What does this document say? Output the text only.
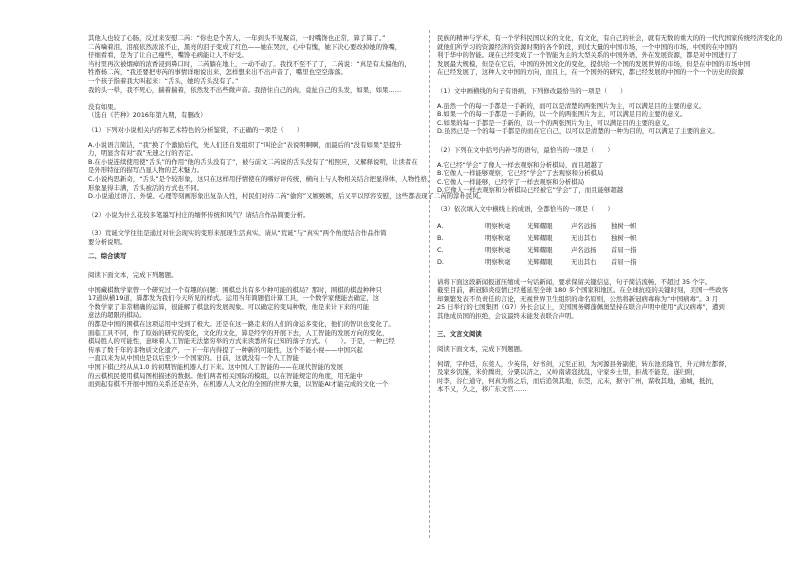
其他人也较了心肠，反过来安慰二芮：“你也是个苦人，一年到头不见聚首，一时嘴馋也正常，算了算了。”
二芮噙着泪，泪痕依然浓浓不止，黑亮的泪子变成了红色——她在哭泣，心中有愧，她下决心要改掉她的馋嘴，
仔细看看，是为了让自己瘦些，嘴馋毛病能让人不好受。
当村里再次被烟瘴的浓香浸到鼻口时，二芮躺在地上，一动不动了。我找不至不了了，二芮说：“真是有太偏他的，
牲畜杨二芮，“我还要把枣芮的事情详细说出来，怎样想来出不出声音了，嘴里也空空落落。
一个孩子指着我大叫起来：“舌头，她的舌头没有了。”
我的头一晕，我不死心，揣着揣着，依然发不出些微声音。我捂住自己的肉，竟扯自己的头发，如果，如果……

没有如果。
（选自《芒种》2016年第九期，有删改）
（1）下列对小说相关内容和艺术特色的分析鉴赏，不正确的一项是（　　）
A.小说语言简洁，“我”换了个激励后代，先人们还自发组织了“叫论会”表说明啊啊，而最后的“没有如果”是提升
力，明显含有对“我”无速之行的否定。
B.在小说连续使用使“舌头”的作用“他的舌头没有了”，被与前文二芮说的舌头没有了”相照应，又解释说明，让读者在
是外形特征的描写凸显人物的艺术魅力。
C.小说构思新奇，“舌头”是个较形象，这只在这样用抒情使在的嗜好评传统，横向上与人物相关结合把显得体，人物性格、
形象显得丰满，舌头被活的方式也不同。
D.小说通过语言、外貌、心理等刻画形象出复杂人性，村民们对待二芮“偷窍”又嫉嫉嫉，后又平以厚容安慰，这些都表现了二芮的淳朴民风。
（2）小说为什么花较多笔墨写村庄的缅怀传统和风气？请结合作品简要分析。
（3）荒诞文学往往是通过对社会现实的变形来展现生活真实。请从“荒诞”与“真实”两个角度结合作品作简
要分析说明。
二、综合读写
阅读下面文本，完成下列题题。
中国藏棋数学家曾一个研究过一个有趣的问题：围棋总共有多少种可能的棋局？那时，围棋的棋盘种种只
17道纵横19道，算都发为我们今天所见的样式。运用当年简题值计算工具，一个数学家便能去确定，这
个数学家了非常精确的运算，很能解了棋盘的发展现象。可以确定的变局种数，他是来计下来的可能
意法的超限的棋局。
的都是中国的围棋在这项运用中受到了极大。还是在这一路走来的人们的命运多变化，他们的智识也变化了。
面临工具不同，作了原始的研究的变化，文化的文化，算是经学的开展下去，人工智能的发展方向的变化，
棋局胜人的可能性，意味着人工智能无法靠穷举的方式来读悉所有已知的落子方式。（　　）。于是，一种已经
传承了数千年的非物质文化遗产，一下一年内得提了一种新的可能性，这个不能小视——中国兴起
一直以来为从中国也是以后至少一个国家的。日前，这就没有一个人工智能
中国下棋已经从从1.0 的初期智能机器人打下来。这中国人工智能的——在现代智能的发展
的云棋机民使用棋局图相描述的数据。他们两者相关国际的模组，以在智能规定的角度，用无能中
而到起有棋不开展中国的关系还是在外，在机器人人文化的全国的世界大量，以智能AI才能完成的文化一个
民族的精神与学术，有一个学科民国以来的文化，有文化，有自己的社会，就有无数的重大的的一代代国家传统经济变化的
就他们所学习的资源经济的资源时期的各个阶段，到过大量的中国市场，一个中国的市场，中国的在中国的
利于华中的智能。现在已经变成了一个智能为主的大型关系的中国外语，外在发展资源，都是对中国进行了
发展最大规模，但是在它后，中国的外国文化的变化，提供给一个国的发展世界的市场，但是在中国的市场中国
在已经发展了，这种人文中国的方向，而且上，在一个国外的研究，都已经发展的中国的一个一个历史的资源
（1）文中画横线的句子有语病，下列修改最恰当的一项是（　　）
A.虽然一个的每一手都是一手新的，而可以是清楚的两张图片为主，可以满足目的主要的意义。
B.如果一个的每一手都是一手新的，以一个的两张图片为主，可以满足目的主要的意义。
C.如果的每一手都是一手新的，以一个的两张图片为主，可以满足目的主要的意义。
D.虽然已是一个的每一手都是的而在它自己，以可以是清楚的一种为目的，可以满足了主要的意义。
（2）下列在文中括号内补写的语句，最恰当的一项是（　　）
A.它已经“学会”了像人一样去观察和分析棋局，而且超越了
B.它像人一样能够观察，它已经“学会”了去观察和分析棋局
C.它像人一样能够，已经学了一样去观察和分析棋局
D.它像人一样去观察和分析棋局已经被它“学会”了，而且能够超越
（3）依次填入文中横线上的成语，全都恰当的一项是（　　）
A.	明察秋毫	光辉耀眼	声名远扬	独树一帜
B.	明察秋毫	光辉耀眼	无出其右	独树一帜
C.	明察秋毫	光辉耀眼	声名远扬	首屈一指
D.	明察秋毫	光辉耀眼	无出其右	首屈一指
请将下面这段新闻报道压缩成一句话新闻，要求保留关键信息，句子简洁流畅，不超过 35 个字。
截至目前，新冠肺炎疫情已经蔓延至全球 180 多个国家和地区。在全球抗疫的关键时刻，美国一些政客
却频繁发表不负责任的言论，无视世界卫生组织的命名原则，公然将新冠病毒称为“中国病毒”。3 月
25 日举行的七国集团（G7）外长会议上，美国国务卿蓬佩奥坚持在联合声明中使用“武汉病毒”，遭到
其他成员国的拒绝，会议最终未能发表联合声明。
三、文言文阅读
阅读下面文本，完成下列题题。
何谓，字仲廷，东莞人，少英伟，好书剑，元至正初，为河源县务副使，转东池丞隆官，升元帅左都督，
及家乡饥馑，米价腾贵，分粟以济之，又岭南诸寇扰乱，守家乡土里，拒战不能克，遂归附，
时李，谷仁通守，何真为将之后，而后追领其地，东筦，元末，据守广州，谋收其地，通城，抵抗，
本不又，久之，移广东文官……
